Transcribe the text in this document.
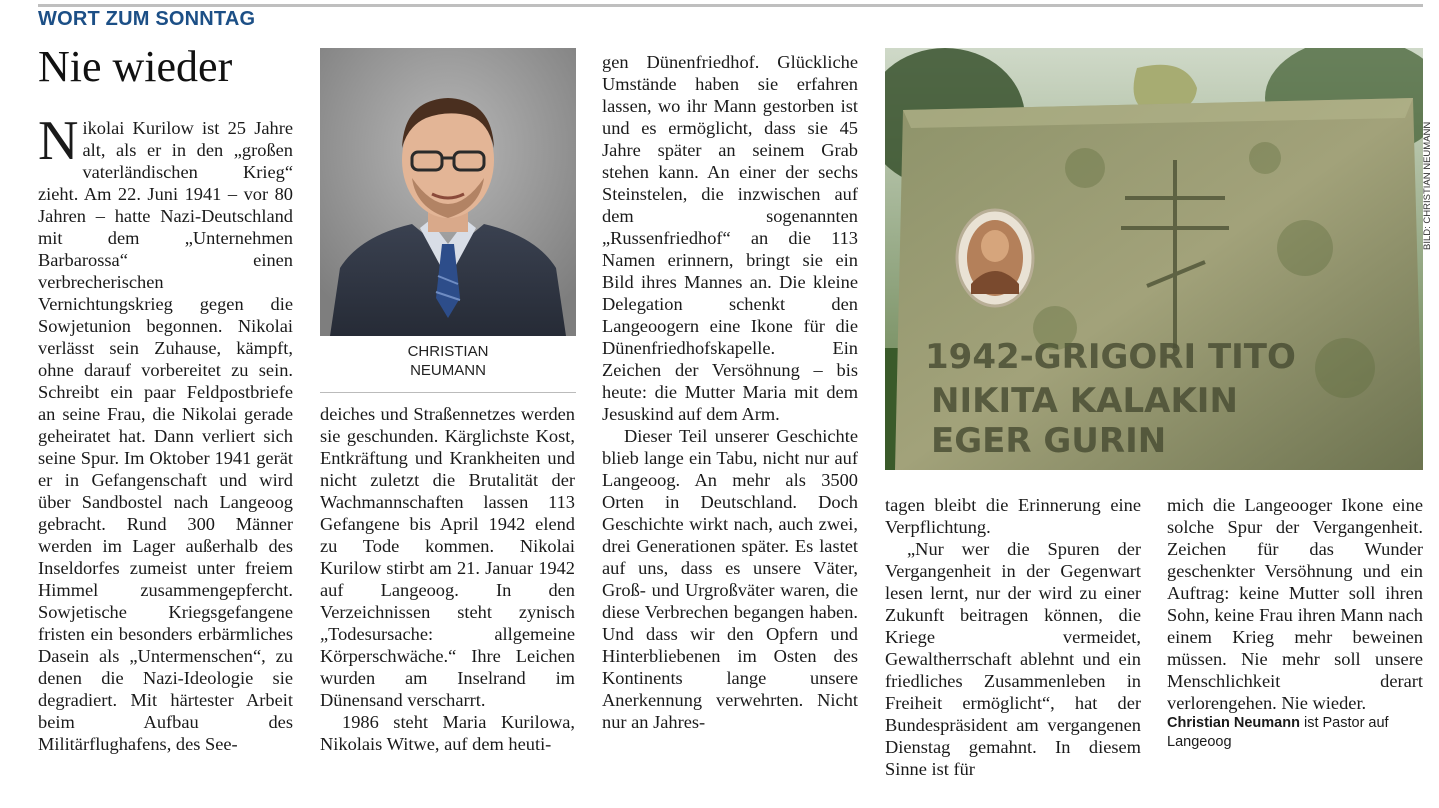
WORT ZUM SONNTAG
Nie wieder

Nikolai Kurilow ist 25 Jahre alt, als er in den „großen vaterländischen Krieg“ zieht. Am 22. Juni 1941 – vor 80 Jahren – hatte Nazi-Deutschland mit dem „Unternehmen Barbarossa“ einen verbrecherischen Vernichtungskrieg gegen die Sowjetunion begonnen. Nikolai verlässt sein Zuhause, kämpft, ohne darauf vorbereitet zu sein. Schreibt ein paar Feldpostbriefe an seine Frau, die Nikolai gerade geheiratet hat. Dann verliert sich seine Spur. Im Oktober 1941 gerät er in Gefangenschaft und wird über Sandbostel nach Langeoog gebracht. Rund 300 Männer werden im Lager außerhalb des Inseldorfes zumeist unter freiem Himmel zusammengepfercht. Sowjetische Kriegsgefangene fristen ein besonders erbärmliches Dasein als „Untermenschen“, zu denen die Nazi-Ideologie sie degradiert. Mit härtester Arbeit beim Aufbau des Militärflughafens, des See-

CHRISTIAN
NEUMANN

deiches und Straßennetzes werden sie geschunden. Kärglichste Kost, Entkräftung und Krankheiten und nicht zuletzt die Brutalität der Wachmannschaften lassen 113 Gefangene bis April 1942 elend zu Tode kommen. Nikolai Kurilow stirbt am 21. Januar 1942 auf Langeoog. In den Verzeichnissen steht zynisch „Todesursache: allgemeine Körperschwäche.“ Ihre Leichen wurden am Inselrand im Dünensand verscharrt.

1986 steht Maria Kurilowa, Nikolais Witwe, auf dem heuti-

gen Dünenfriedhof. Glückliche Umstände haben sie erfahren lassen, wo ihr Mann gestorben ist und es ermöglicht, dass sie 45 Jahre später an seinem Grab stehen kann. An einer der sechs Steinstelen, die inzwischen auf dem sogenannten „Russenfriedhof“ an die 113 Namen erinnern, bringt sie ein Bild ihres Mannes an. Die kleine Delegation schenkt den Langeoogern eine Ikone für die Dünenfriedhofskapelle. Ein Zeichen der Versöhnung – bis heute: die Mutter Maria mit dem Jesuskind auf dem Arm.

Dieser Teil unserer Geschichte blieb lange ein Tabu, nicht nur auf Langeoog. An mehr als 3500 Orten in Deutschland. Doch Geschichte wirkt nach, auch zwei, drei Generationen später. Es lastet auf uns, dass es unsere Väter, Groß- und Urgroßväter waren, die diese Verbrechen begangen haben. Und dass wir den Opfern und Hinterbliebenen im Osten des Kontinents lange unsere Anerkennung verwehrten. Nicht nur an Jahres-

1942-GRIGORI TITO
NIKITA KALAKIN
EGER GURIN
BILD: CHRISTIAN NEUMANN

tagen bleibt die Erinnerung eine Verpflichtung.

„Nur wer die Spuren der Vergangenheit in der Gegenwart lesen lernt, nur der wird zu einer Zukunft beitragen können, die Kriege vermeidet, Gewaltherrschaft ablehnt und ein friedliches Zusammenleben in Freiheit ermöglicht“, hat der Bundespräsident am vergangenen Dienstag gemahnt. In diesem Sinne ist für

mich die Langeooger Ikone eine solche Spur der Vergangenheit. Zeichen für das Wunder geschenkter Versöhnung und ein Auftrag: keine Mutter soll ihren Sohn, keine Frau ihren Mann nach einem Krieg mehr beweinen müssen. Nie mehr soll unsere Menschlichkeit derart verlorengehen. Nie wieder.

Christian Neumann ist Pastor auf Langeoog
